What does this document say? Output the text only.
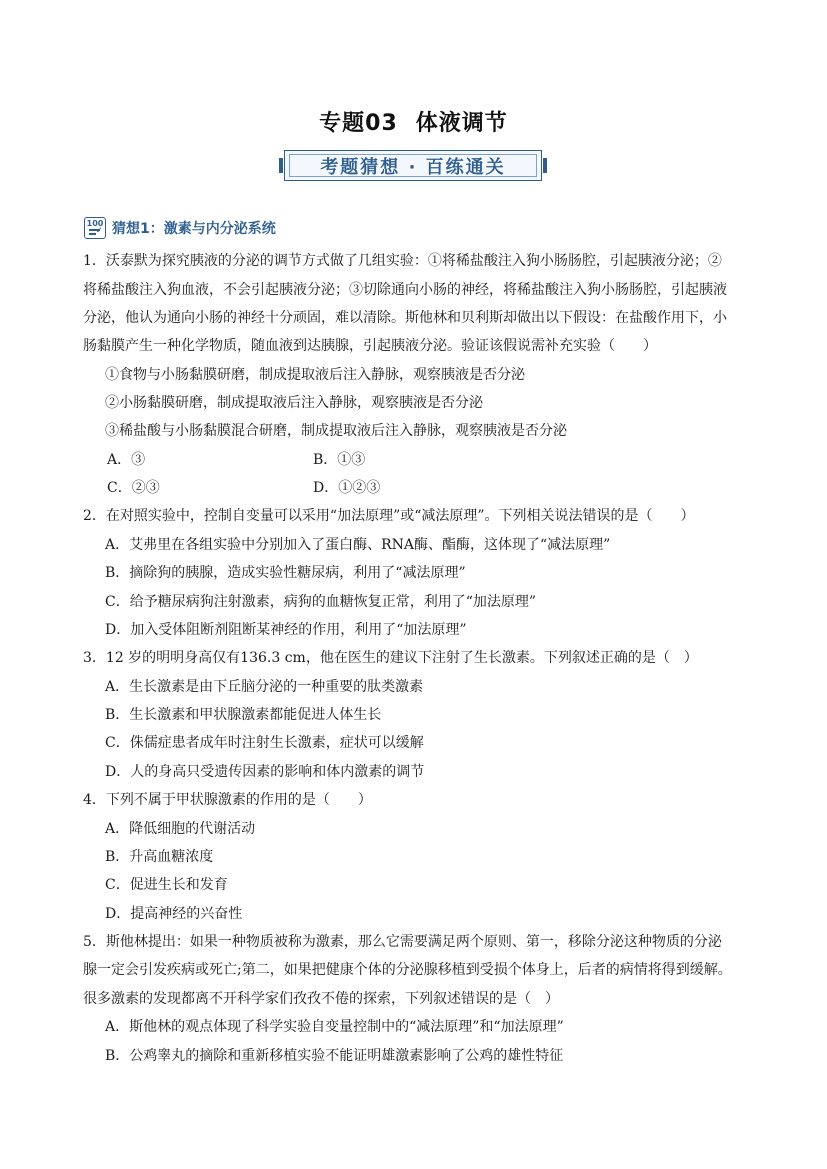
专题03 体液调节
考题猜想 · 百练通关
100
✓ 猜想1：激素与内分泌系统
1．沃泰默为探究胰液的分泌的调节方式做了几组实验：①将稀盐酸注入狗小肠肠腔，引起胰液分泌；②
将稀盐酸注入狗血液，不会引起胰液分泌；③切除通向小肠的神经，将稀盐酸注入狗小肠肠腔，引起胰液
分泌，他认为通向小肠的神经十分顽固，难以清除。斯他林和贝利斯却做出以下假设：在盐酸作用下，小
肠黏膜产生一种化学物质，随血液到达胰腺，引起胰液分泌。验证该假说需补充实验（　　）
①食物与小肠黏膜研磨，制成提取液后注入静脉，观察胰液是否分泌
②小肠黏膜研磨，制成提取液后注入静脉，观察胰液是否分泌
③稀盐酸与小肠黏膜混合研磨，制成提取液后注入静脉，观察胰液是否分泌
A．③	B．①③
C．②③	D．①②③
2．在对照实验中，控制自变量可以采用“加法原理”或“减法原理”。下列相关说法错误的是（　　）
A．艾弗里在各组实验中分别加入了蛋白酶、RNA酶、酯酶，这体现了“减法原理”
B．摘除狗的胰腺，造成实验性糖尿病，利用了“减法原理”
C．给予糖尿病狗注射激素，病狗的血糖恢复正常，利用了“加法原理”
D．加入受体阻断剂阻断某神经的作用，利用了“加法原理”
3．12 岁的明明身高仅有136.3 cm，他在医生的建议下注射了生长激素。下列叙述正确的是（　）
A．生长激素是由下丘脑分泌的一种重要的肽类激素
B．生长激素和甲状腺激素都能促进人体生长
C．侏儒症患者成年时注射生长激素，症状可以缓解
D．人的身高只受遗传因素的影响和体内激素的调节
4．下列不属于甲状腺激素的作用的是（　　）
A．降低细胞的代谢活动
B．升高血糖浓度
C．促进生长和发育
D．提高神经的兴奋性
5．斯他林提出：如果一种物质被称为激素，那么它需要满足两个原则、第一，移除分泌这种物质的分泌
腺一定会引发疾病或死亡;第二，如果把健康个体的分泌腺移植到受损个体身上，后者的病情将得到缓解。
很多激素的发现都离不开科学家们孜孜不倦的探索，下列叙述错误的是（　）
A．斯他林的观点体现了科学实验自变量控制中的“减法原理”和“加法原理”
B．公鸡睾丸的摘除和重新移植实验不能证明雄激素影响了公鸡的雄性特征
